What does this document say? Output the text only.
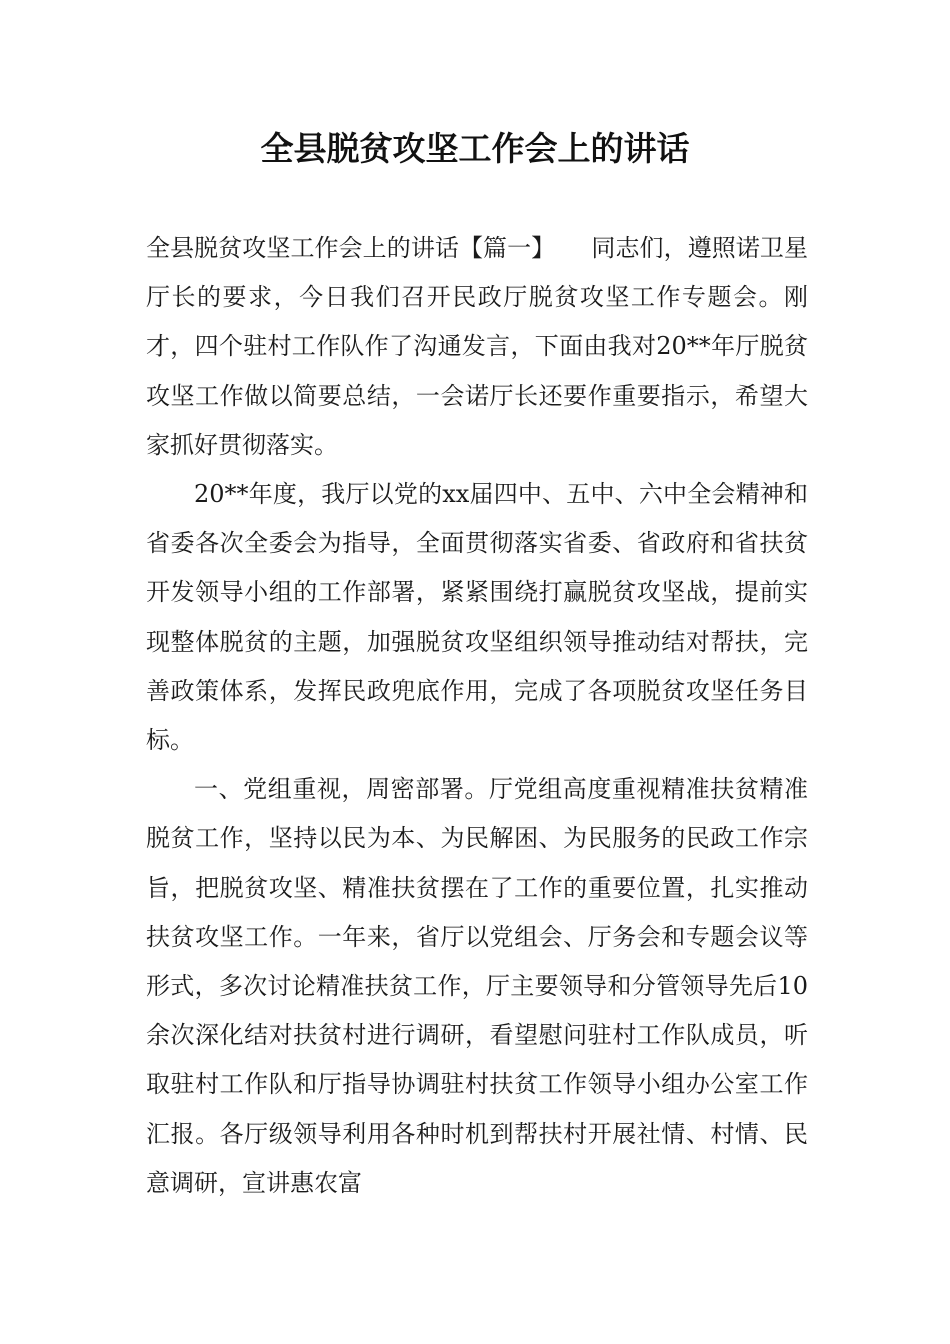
全县脱贫攻坚工作会上的讲话

全县脱贫攻坚工作会上的讲话【篇一】　　同志们，遵照诺卫星厅长的要求，今日我们召开民政厅脱贫攻坚工作专题会。刚才，四个驻村工作队作了沟通发言，下面由我对20**年厅脱贫攻坚工作做以简要总结，一会诺厅长还要作重要指示，希望大家抓好贯彻落实。

20**年度，我厅以党的xx届四中、五中、六中全会精神和省委各次全委会为指导，全面贯彻落实省委、省政府和省扶贫开发领导小组的工作部署，紧紧围绕打赢脱贫攻坚战，提前实现整体脱贫的主题，加强脱贫攻坚组织领导推动结对帮扶，完善政策体系，发挥民政兜底作用，完成了各项脱贫攻坚任务目标。

一、党组重视，周密部署。厅党组高度重视精准扶贫精准脱贫工作，坚持以民为本、为民解困、为民服务的民政工作宗旨，把脱贫攻坚、精准扶贫摆在了工作的重要位置，扎实推动扶贫攻坚工作。一年来，省厅以党组会、厅务会和专题会议等形式，多次讨论精准扶贫工作，厅主要领导和分管领导先后10余次深化结对扶贫村进行调研，看望慰问驻村工作队成员，听取驻村工作队和厅指导协调驻村扶贫工作领导小组办公室工作汇报。各厅级领导利用各种时机到帮扶村开展社情、村情、民意调研，宣讲惠农富
